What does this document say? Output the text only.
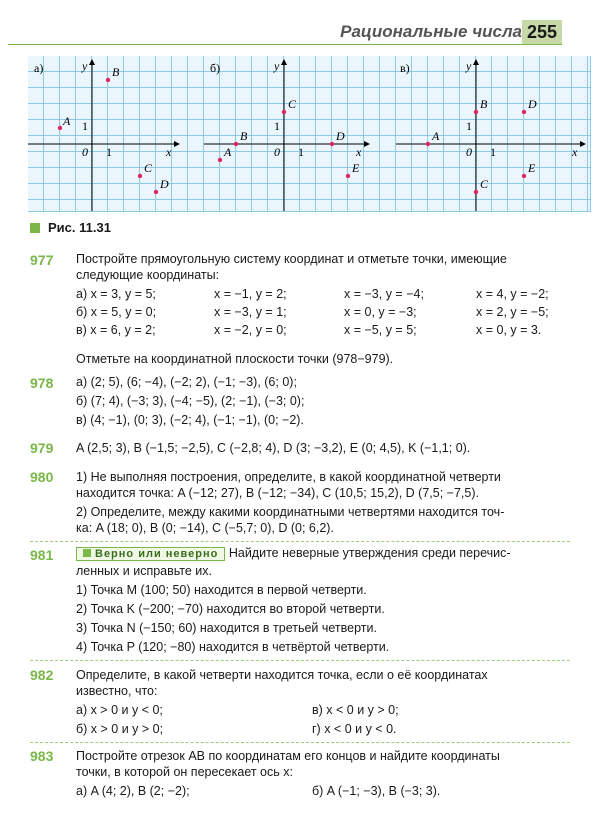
Рациональные числа 255
а)
x
y
0 1
1
A
B
C
D
б)
x
y
0 1
1
A
B
C
D
E
в)
x
y
0 1
1
A
B
C
D
E
Рис. 11.31
977 Постройте прямоугольную систему координат и отметьте точки, имеющие
следующие координаты:
а) x = 3, y = 5;	x = −1, y = 2;	x = −3, y = −4;	x = 4, y = −2;
б) x = 5, y = 0;	x = −3, y = 1;	x = 0, y = −3;	x = 2, y = −5;
в) x = 6, y = 2;	x = −2, y = 0;	x = −5, y = 5;	x = 0, y = 3.
Отметьте на координатной плоскости точки (978−979).
978 а) (2; 5), (6; −4), (−2; 2), (−1; −3), (6; 0);
б) (7; 4), (−3; 3), (−4; −5), (2; −1), (−3; 0);
в) (4; −1), (0; 3), (−2; 4), (−1; −1), (0; −2).
979 A (2,5; 3), B (−1,5; −2,5), C (−2,8; 4), D (3; −3,2), E (0; 4,5), K (−1,1; 0).
980 1) Не выполняя построения, определите, в какой координатной четверти
находится точка: A (−12; 27), B (−12; −34), C (10,5; 15,2), D (7,5; −7,5).
2) Определите, между какими координатными четвертями находится точ-
ка: A (18; 0), B (0; −14), C (−5,7; 0), D (0; 6,2).
981	Верно или неверно Найдите неверные утверждения среди перечис-
ленных и исправьте их.
1) Точка M (100; 50) находится в первой четверти.
2) Точка K (−200; −70) находится во второй четверти.
3) Точка N (−150; 60) находится в третьей четверти.
4) Точка P (120; −80) находится в четвёртой четверти.
982 Определите, в какой четверти находится точка, если о её координатах
известно, что:
а) x > 0 и y < 0;	в) x < 0 и y > 0;
б) x > 0 и y > 0;	г) x < 0 и y < 0.
983 Постройте отрезок AB по координатам его концов и найдите координаты
точки, в которой он пересекает ось x:
а) A (4; 2), B (2; −2);	б) A (−1; −3), B (−3; 3).
